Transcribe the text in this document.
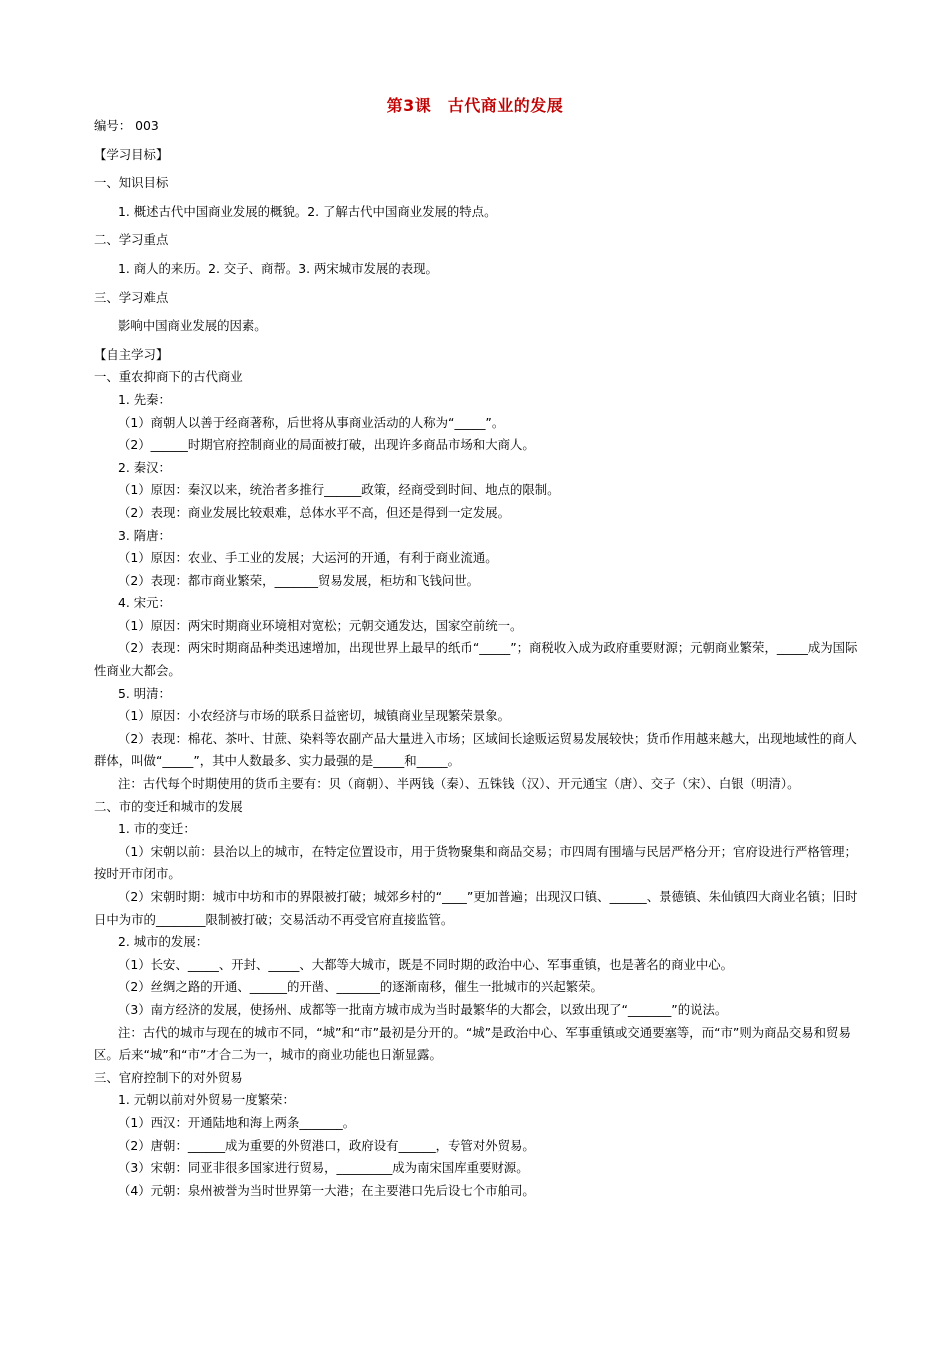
第3课　古代商业的发展
编号： 003
【学习目标】
一、知识目标
1. 概述古代中国商业发展的概貌。2. 了解古代中国商业发展的特点。
二、学习重点
1. 商人的来历。2. 交子、商帮。3. 两宋城市发展的表现。
三、学习难点
影响中国商业发展的因素。
【自主学习】
一、重农抑商下的古代商业
1. 先秦：
（1）商朝人以善于经商著称，后世将从事商业活动的人称为“_____”。
（2）______时期官府控制商业的局面被打破，出现许多商品市场和大商人。
2. 秦汉：
（1）原因：秦汉以来，统治者多推行______政策，经商受到时间、地点的限制。
（2）表现：商业发展比较艰难，总体水平不高，但还是得到一定发展。
3. 隋唐：
（1）原因：农业、手工业的发展；大运河的开通，有利于商业流通。
（2）表现：都市商业繁荣，_______贸易发展，柜坊和飞钱问世。
4. 宋元：
（1）原因：两宋时期商业环境相对宽松；元朝交通发达，国家空前统一。
（2）表现：两宋时期商品种类迅速增加，出现世界上最早的纸币“_____”；商税收入成为政府重要财源；元朝商业繁荣，_____成为国际性商业大都会。
5. 明清：
（1）原因：小农经济与市场的联系日益密切，城镇商业呈现繁荣景象。
（2）表现：棉花、茶叶、甘蔗、染料等农副产品大量进入市场；区域间长途贩运贸易发展较快；货币作用越来越大，出现地域性的商人群体，叫做“_____”，其中人数最多、实力最强的是_____和_____。
注：古代每个时期使用的货币主要有：贝（商朝）、半两钱（秦）、五铢钱（汉）、开元通宝（唐）、交子（宋）、白银（明清）。
二、市的变迁和城市的发展
1. 市的变迁：
（1）宋朝以前：县治以上的城市，在特定位置设市，用于货物聚集和商品交易；市四周有围墙与民居严格分开；官府设进行严格管理；按时开市闭市。
（2）宋朝时期：城市中坊和市的界限被打破；城郊乡村的“____”更加普遍；出现汉口镇、______、景德镇、朱仙镇四大商业名镇；旧时日中为市的________限制被打破；交易活动不再受官府直接监管。
2. 城市的发展：
（1）长安、_____、开封、_____、大都等大城市，既是不同时期的政治中心、军事重镇，也是著名的商业中心。
（2）丝绸之路的开通、______的开凿、_______的逐渐南移，催生一批城市的兴起繁荣。
（3）南方经济的发展，使扬州、成都等一批南方城市成为当时最繁华的大都会，以致出现了“_______”的说法。
注：古代的城市与现在的城市不同，“城”和“市”最初是分开的。“城”是政治中心、军事重镇或交通要塞等，而“市”则为商品交易和贸易区。后来“城”和“市”才合二为一，城市的商业功能也日渐显露。
三、官府控制下的对外贸易
1. 元朝以前对外贸易一度繁荣：
（1）西汉：开通陆地和海上两条_______。
（2）唐朝：______成为重要的外贸港口，政府设有______，专管对外贸易。
（3）宋朝：同亚非很多国家进行贸易，_________成为南宋国库重要财源。
（4）元朝：泉州被誉为当时世界第一大港；在主要港口先后设七个市舶司。
